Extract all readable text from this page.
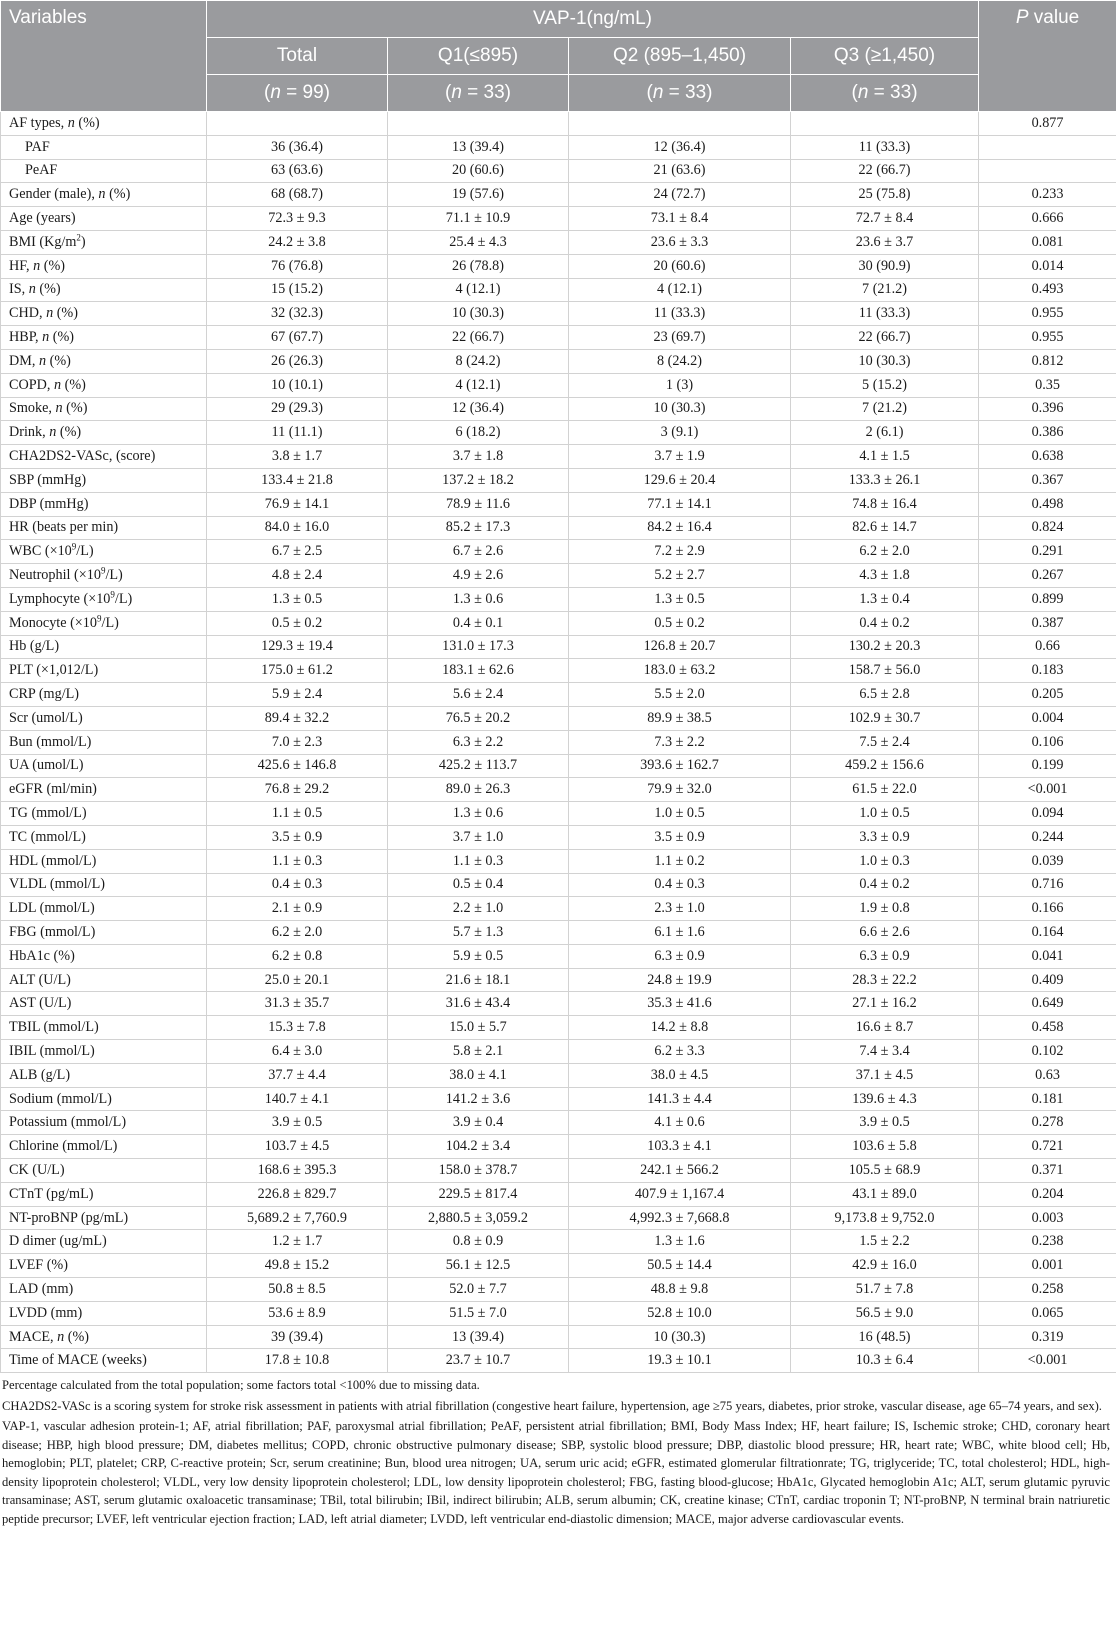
Variables	VAP-1(ng/mL)				P value
	Total	Q1(≤895)	Q2 (895–1,450)	Q3 (≥1,450)	
	(n = 99)	(n = 33)	(n = 33)	(n = 33)	
AF types, n (%)					0.877
PAF	36 (36.4)	13 (39.4)	12 (36.4)	11 (33.3)	
PeAF	63 (63.6)	20 (60.6)	21 (63.6)	22 (66.7)	
Gender (male), n (%)	68 (68.7)	19 (57.6)	24 (72.7)	25 (75.8)	0.233
Age (years)	72.3 ± 9.3	71.1 ± 10.9	73.1 ± 8.4	72.7 ± 8.4	0.666
BMI $(Kg/m^2)$	24.2 ± 3.8	25.4 ± 4.3	23.6 ± 3.3	23.6 ± 3.7	0.081
HF, n (%)	76 (76.8)	26 (78.8)	20 (60.6)	30 (90.9)	0.014
IS, n (%)	15 (15.2)	4 (12.1)	4 (12.1)	7 (21.2)	0.493
CHD, n (%)	32 (32.3)	10 (30.3)	11 (33.3)	11 (33.3)	0.955
HBP, n (%)	67 (67.7)	22 (66.7)	23 (69.7)	22 (66.7)	0.955
DM, n (%)	26 (26.3)	8 (24.2)	8 (24.2)	10 (30.3)	0.812
COPD, n (%)	10 (10.1)	4 (12.1)	1 (3)	5 (15.2)	0.35
Smoke, n (%)	29 (29.3)	12 (36.4)	10 (30.3)	7 (21.2)	0.396
Drink, n (%)	11 (11.1)	6 (18.2)	3 (9.1)	2 (6.1)	0.386
CHA2DS2-VASc, (score)	3.8 ± 1.7	3.7 ± 1.8	3.7 ± 1.9	4.1 ± 1.5	0.638
SBP (mmHg)	133.4 ± 21.8	137.2 ± 18.2	129.6 ± 20.4	133.3 ± 26.1	0.367
DBP (mmHg)	76.9 ± 14.1	78.9 ± 11.6	77.1 ± 14.1	74.8 ± 16.4	0.498
HR (beats per min)	84.0 ± 16.0	85.2 ± 17.3	84.2 ± 16.4	82.6 ± 14.7	0.824
WBC $(\times 10^9/L)$	6.7 ± 2.5	6.7 ± 2.6	7.2 ± 2.9	6.2 ± 2.0	0.291
Neutrophil $(\times 10^9/L)$	4.8 ± 2.4	4.9 ± 2.6	5.2 ± 2.7	4.3 ± 1.8	0.267
Lymphocyte $(\times 10^9/L)$	1.3 ± 0.5	1.3 ± 0.6	1.3 ± 0.5	1.3 ± 0.4	0.899
Monocyte $(\times 10^9/L)$	0.5 ± 0.2	0.4 ± 0.1	0.5 ± 0.2	0.4 ± 0.2	0.387
Hb (g/L)	129.3 ± 19.4	131.0 ± 17.3	126.8 ± 20.7	130.2 ± 20.3	0.66
PLT (×1,012/L)	175.0 ± 61.2	183.1 ± 62.6	183.0 ± 63.2	158.7 ± 56.0	0.183
CRP (mg/L)	5.9 ± 2.4	5.6 ± 2.4	5.5 ± 2.0	6.5 ± 2.8	0.205
Scr (umol/L)	89.4 ± 32.2	76.5 ± 20.2	89.9 ± 38.5	102.9 ± 30.7	0.004
Bun (mmol/L)	7.0 ± 2.3	6.3 ± 2.2	7.3 ± 2.2	7.5 ± 2.4	0.106
UA (umol/L)	425.6 ± 146.8	425.2 ± 113.7	393.6 ± 162.7	459.2 ± 156.6	0.199
eGFR (ml/min)	76.8 ± 29.2	89.0 ± 26.3	79.9 ± 32.0	61.5 ± 22.0	<0.001
TG (mmol/L)	1.1 ± 0.5	1.3 ± 0.6	1.0 ± 0.5	1.0 ± 0.5	0.094
TC (mmol/L)	3.5 ± 0.9	3.7 ± 1.0	3.5 ± 0.9	3.3 ± 0.9	0.244
HDL (mmol/L)	1.1 ± 0.3	1.1 ± 0.3	1.1 ± 0.2	1.0 ± 0.3	0.039
VLDL (mmol/L)	0.4 ± 0.3	0.5 ± 0.4	0.4 ± 0.3	0.4 ± 0.2	0.716
LDL (mmol/L)	2.1 ± 0.9	2.2 ± 1.0	2.3 ± 1.0	1.9 ± 0.8	0.166
FBG (mmol/L)	6.2 ± 2.0	5.7 ± 1.3	6.1 ± 1.6	6.6 ± 2.6	0.164
HbA1c (%)	6.2 ± 0.8	5.9 ± 0.5	6.3 ± 0.9	6.3 ± 0.9	0.041
ALT (U/L)	25.0 ± 20.1	21.6 ± 18.1	24.8 ± 19.9	28.3 ± 22.2	0.409
AST (U/L)	31.3 ± 35.7	31.6 ± 43.4	35.3 ± 41.6	27.1 ± 16.2	0.649
TBIL (mmol/L)	15.3 ± 7.8	15.0 ± 5.7	14.2 ± 8.8	16.6 ± 8.7	0.458
IBIL (mmol/L)	6.4 ± 3.0	5.8 ± 2.1	6.2 ± 3.3	7.4 ± 3.4	0.102
ALB (g/L)	37.7 ± 4.4	38.0 ± 4.1	38.0 ± 4.5	37.1 ± 4.5	0.63
Sodium (mmol/L)	140.7 ± 4.1	141.2 ± 3.6	141.3 ± 4.4	139.6 ± 4.3	0.181
Potassium (mmol/L)	3.9 ± 0.5	3.9 ± 0.4	4.1 ± 0.6	3.9 ± 0.5	0.278
Chlorine (mmol/L)	103.7 ± 4.5	104.2 ± 3.4	103.3 ± 4.1	103.6 ± 5.8	0.721
CK (U/L)	168.6 ± 395.3	158.0 ± 378.7	242.1 ± 566.2	105.5 ± 68.9	0.371
CTnT (pg/mL)	226.8 ± 829.7	229.5 ± 817.4	407.9 ± 1,167.4	43.1 ± 89.0	0.204
NT-proBNP (pg/mL)	5,689.2 ± 7,760.9	2,880.5 ± 3,059.2	4,992.3 ± 7,668.8	9,173.8 ± 9,752.0	0.003
D dimer (ug/mL)	1.2 ± 1.7	0.8 ± 0.9	1.3 ± 1.6	1.5 ± 2.2	0.238
LVEF (%)	49.8 ± 15.2	56.1 ± 12.5	50.5 ± 14.4	42.9 ± 16.0	0.001
LAD (mm)	50.8 ± 8.5	52.0 ± 7.7	48.8 ± 9.8	51.7 ± 7.8	0.258
LVDD (mm)	53.6 ± 8.9	51.5 ± 7.0	52.8 ± 10.0	56.5 ± 9.0	0.065
MACE, n (%)	39 (39.4)	13 (39.4)	10 (30.3)	16 (48.5)	0.319
Time of MACE (weeks)	17.8 ± 10.8	23.7 ± 10.7	19.3 ± 10.1	10.3 ± 6.4	<0.001

Percentage calculated from the total population; some factors total <100% due to missing data.

CHA2DS2-VASc is a scoring system for stroke risk assessment in patients with atrial fibrillation (congestive heart failure, hypertension, age ≥75 years, diabetes, prior stroke, vascular disease, age 65–74 years, and sex).

VAP-1, vascular adhesion protein-1; AF, atrial fibrillation; PAF, paroxysmal atrial fibrillation; PeAF, persistent atrial fibrillation; BMI, Body Mass Index; HF, heart failure; IS, Ischemic stroke; CHD, coronary heart disease; HBP, high blood pressure; DM, diabetes mellitus; COPD, chronic obstructive pulmonary disease; SBP, systolic blood pressure; DBP, diastolic blood pressure; HR, heart rate; WBC, white blood cell; Hb, hemoglobin; PLT, platelet; CRP, C-reactive protein; Scr, serum creatinine; Bun, blood urea nitrogen; UA, serum uric acid; eGFR, estimated glomerular filtrationrate; TG, triglyceride; TC, total cholesterol; HDL, high-density lipoprotein cholesterol; VLDL, very low density lipoprotein cholesterol; LDL, low density lipoprotein cholesterol; FBG, fasting blood-glucose; HbA1c, Glycated hemoglobin A1c; ALT, serum glutamic pyruvic transaminase; AST, serum glutamic oxaloacetic transaminase; TBil, total bilirubin; IBil, indirect bilirubin; ALB, serum albumin; CK, creatine kinase; CTnT, cardiac troponin T; NT-proBNP, N terminal brain natriuretic peptide precursor; LVEF, left ventricular ejection fraction; LAD, left atrial diameter; LVDD, left ventricular end-diastolic dimension; MACE, major adverse cardiovascular events.
